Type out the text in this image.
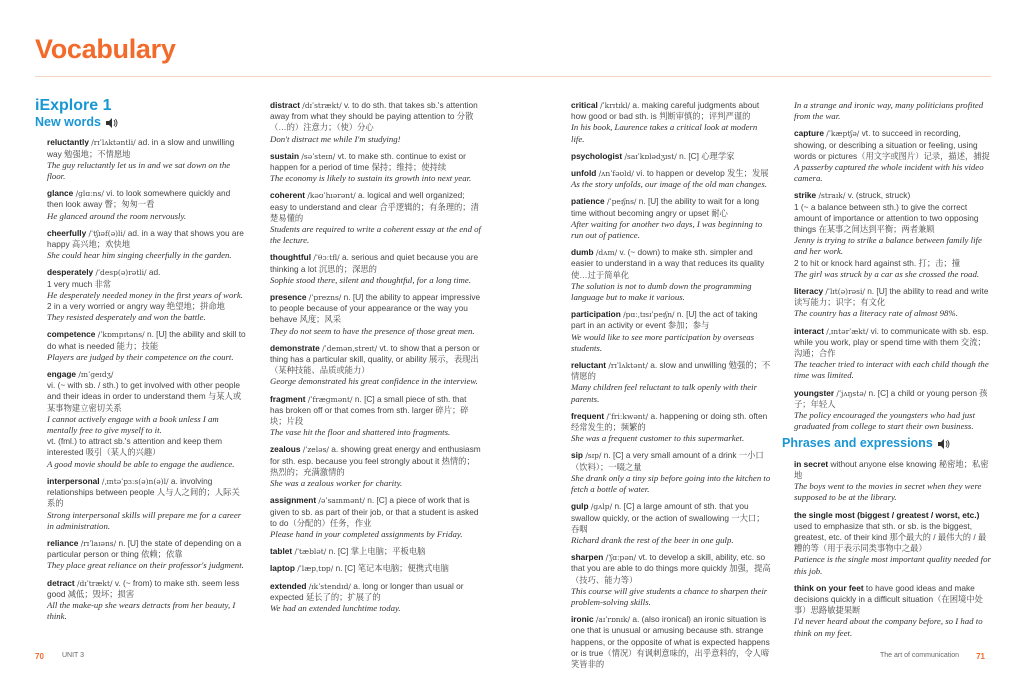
Vocabulary
iExplore 1
New words
reluctantly /rɪˈlʌktəntli/ ad. in a slow and unwilling way 勉强地；不情愿地
The guy reluctantly let us in and we sat down on the floor.
glance /ɡlɑːns/ vi. to look somewhere quickly and then look away 瞥；匆匆一看
He glanced around the room nervously.
cheerfully /ˈtʃɪəf(ə)li/ ad. in a way that shows you are happy 高兴地；欢快地
She could hear him singing cheerfully in the garden.
desperately /ˈdesp(ə)rətli/ ad.
1 very much 非常
He desperately needed money in the first years of work.
2 in a very worried or angry way 绝望地；拼命地
They resisted desperately and won the battle.
competence /ˈkɒmpɪtəns/ n. [U] the ability and skill to do what is needed 能力；技能
Players are judged by their competence on the court.
engage /ɪnˈɡeɪdʒ/
vi. (~ with sb. / sth.) to get involved with other people and their ideas in order to understand them 与某人或某事物建立密切关系
I cannot actively engage with a book unless I am mentally free to give myself to it.
vt. (fml.) to attract sb.'s attention and keep them interested 吸引（某人的兴趣）
A good movie should be able to engage the audience.
interpersonal /ˌɪntəˈpɜːs(ə)n(ə)l/ a. involving relationships between people 人与人之间的；人际关系的
Strong interpersonal skills will prepare me for a career in administration.
reliance /rɪˈlaɪəns/ n. [U] the state of depending on a particular person or thing 依赖；依靠
They place great reliance on their professor's judgment.
detract /dɪˈtrækt/ v. (~ from) to make sth. seem less good 减低；毁坏；损害
All the make-up she wears detracts from her beauty, I think.
distract /dɪˈstrækt/ v. to do sth. that takes sb.'s attention away from what they should be paying attention to 分散（…的）注意力；（使）分心
Don't distract me while I'm studying!
sustain /səˈsteɪn/ vt. to make sth. continue to exist or happen for a period of time 保持；维持；使持续
The economy is likely to sustain its growth into next year.
coherent /kəʊˈhɪərənt/ a. logical and well organized; easy to understand and clear 合乎逻辑的；有条理的；清楚易懂的
Students are required to write a coherent essay at the end of the lecture.
thoughtful /ˈθɔːtfl/ a. serious and quiet because you are thinking a lot 沉思的；深思的
Sophie stood there, silent and thoughtful, for a long time.
presence /ˈprezns/ n. [U] the ability to appear impressive to people because of your appearance or the way you behave 风度；风采
They do not seem to have the presence of those great men.
demonstrate /ˈdemənˌstreɪt/ vt. to show that a person or thing has a particular skill, quality, or ability 展示，表现出（某种技能、品质或能力）
George demonstrated his great confidence in the interview.
fragment /ˈfræɡmənt/ n. [C] a small piece of sth. that has broken off or that comes from sth. larger 碎片；碎块；片段
The vase hit the floor and shattered into fragments.
zealous /ˈzeləs/ a. showing great energy and enthusiasm for sth. esp. because you feel strongly about it 热情的；热烈的；充满激情的
She was a zealous worker for charity.
assignment /əˈsaɪnmənt/ n. [C] a piece of work that is given to sb. as part of their job, or that a student is asked to do（分配的）任务，作业
Please hand in your completed assignments by Friday.
tablet /ˈtæblət/ n. [C] 掌上电脑；平板电脑
laptop /ˈlæpˌtɒp/ n. [C] 笔记本电脑；便携式电脑
extended /ɪkˈstendɪd/ a. long or longer than usual or expected 延长了的；扩展了的
We had an extended lunchtime today.
critical /ˈkrɪtɪkl/ a. making careful judgments about how good or bad sth. is 判断审慎的；评判严谨的
In his book, Laurence takes a critical look at modern life.
psychologist /saɪˈkɒlədʒɪst/ n. [C] 心理学家
unfold /ʌnˈfəʊld/ vi. to happen or develop 发生；发展
As the story unfolds, our image of the old man changes.
patience /ˈpeɪʃns/ n. [U] the ability to wait for a long time without becoming angry or upset 耐心
After waiting for another two days, I was beginning to run out of patience.
dumb /dʌm/ v. (~ down) to make sth. simpler and easier to understand in a way that reduces its quality 使…过于简单化
The solution is not to dumb down the programming language but to make it various.
participation /pɑːˌtɪsɪˈpeɪʃn/ n. [U] the act of taking part in an activity or event 参加；参与
We would like to see more participation by overseas students.
reluctant /rɪˈlʌktənt/ a. slow and unwilling 勉强的；不情愿的
Many children feel reluctant to talk openly with their parents.
frequent /ˈfriːkwənt/ a. happening or doing sth. often 经常发生的；频繁的
She was a frequent customer to this supermarket.
sip /sɪp/ n. [C] a very small amount of a drink 一小口（饮料）；一啜之量
She drank only a tiny sip before going into the kitchen to fetch a bottle of water.
gulp /ɡʌlp/ n. [C] a large amount of sth. that you swallow quickly, or the action of swallowing 一大口；吞咽
Richard drank the rest of the beer in one gulp.
sharpen /ˈʃɑːpən/ vt. to develop a skill, ability, etc. so that you are able to do things more quickly 加强，提高（技巧、能力等）
This course will give students a chance to sharpen their problem-solving skills.
ironic /aɪˈrɒnɪk/ a. (also ironical) an ironic situation is one that is unusual or amusing because sth. strange happens, or the opposite of what is expected happens or is true（情况）有讽刺意味的，出乎意料的，令人啼笑皆非的
In a strange and ironic way, many politicians profited from the war.
capture /ˈkæptʃə/ vt. to succeed in recording, showing, or describing a situation or feeling, using words or pictures（用文字或图片）记录，描述，捕捉
A passerby captured the whole incident with his video camera.
strike /straɪk/ v. (struck, struck)
1 (~ a balance between sth.) to give the correct amount of importance or attention to two opposing things 在某事之间达到平衡；两者兼顾
Jenny is trying to strike a balance between family life and her work.
2 to hit or knock hard against sth. 打；击；撞
The girl was struck by a car as she crossed the road.
literacy /ˈlɪt(ə)rəsi/ n. [U] the ability to read and write 读写能力；识字；有文化
The country has a literacy rate of almost 98%.
interact /ˌɪntərˈækt/ vi. to communicate with sb. esp. while you work, play or spend time with them 交流；沟通；合作
The teacher tried to interact with each child though the time was limited.
youngster /ˈjʌŋstə/ n. [C] a child or young person 孩子；年轻人
The policy encouraged the youngsters who had just graduated from college to start their own business.
Phrases and expressions
in secret without anyone else knowing 秘密地；私密地
The boys went to the movies in secret when they were supposed to be at the library.
the single most (biggest / greatest / worst, etc.) used to emphasize that sth. or sb. is the biggest, greatest, etc. of their kind 那个最大的 / 最伟大的 / 最糟的等（用于表示同类事物中之最）
Patience is the single most important quality needed for this job.
think on your feet to have good ideas and make decisions quickly in a difficult situation（在困境中处事）思路敏捷果断
I'd never heard about the company before, so I had to think on my feet.
70	UNIT 3	The art of communication 71
